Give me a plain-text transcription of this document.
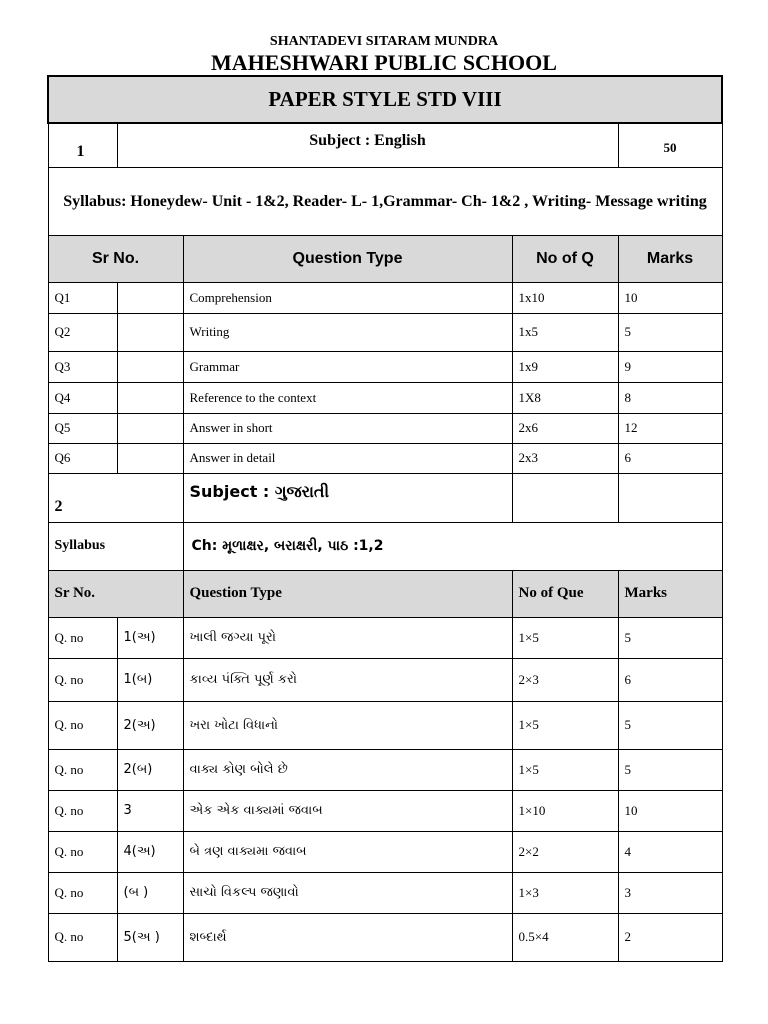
SHANTADEVI SITARAM MUNDRA
MAHESHWARI PUBLIC SCHOOL
PAPER STYLE STD VIII				
1	Subject : English			50
Syllabus: Honeydew- Unit - 1&2, Reader- L- 1,Grammar- Ch- 1&2 , Writing- Message writing				
Sr No.		Question Type	No of Q	Marks
Q1		Comprehension	1x10	10
Q2		Writing	1x5	5
Q3		Grammar	1x9	9
Q4		Reference to the context	1X8	8
Q5		Answer in short	2x6	12
Q6		Answer in detail	2x3	6
2		Subject : ગુજરાતી		
Syllabus		Ch: મૂળાક્ષર, બરાક્ષરી, પાઠ :1,2		
Sr No.		Question Type	No of Que	Marks
Q. no	1(અ)	ખાલી જગ્યા પૂરો	1×5	5
Q. no	1(બ)	કાવ્ય પંક્તિ પૂર્ણ કરો	2×3	6
Q. no	2(અ)	ખરા ખોટા વિધાનો	1×5	5
Q. no	2(બ)	વાક્ય કોણ બોલે છે	1×5	5
Q. no	3	એક એક વાક્યમાં જવાબ	1×10	10
Q. no	4(અ)	બે ત્રણ વાક્યમા જવાબ	2×2	4
Q. no	(બ )	સાચો વિકલ્પ જણાવો	1×3	3
Q. no	5(અ )	શબ્દાર્થ	0.5×4	2
